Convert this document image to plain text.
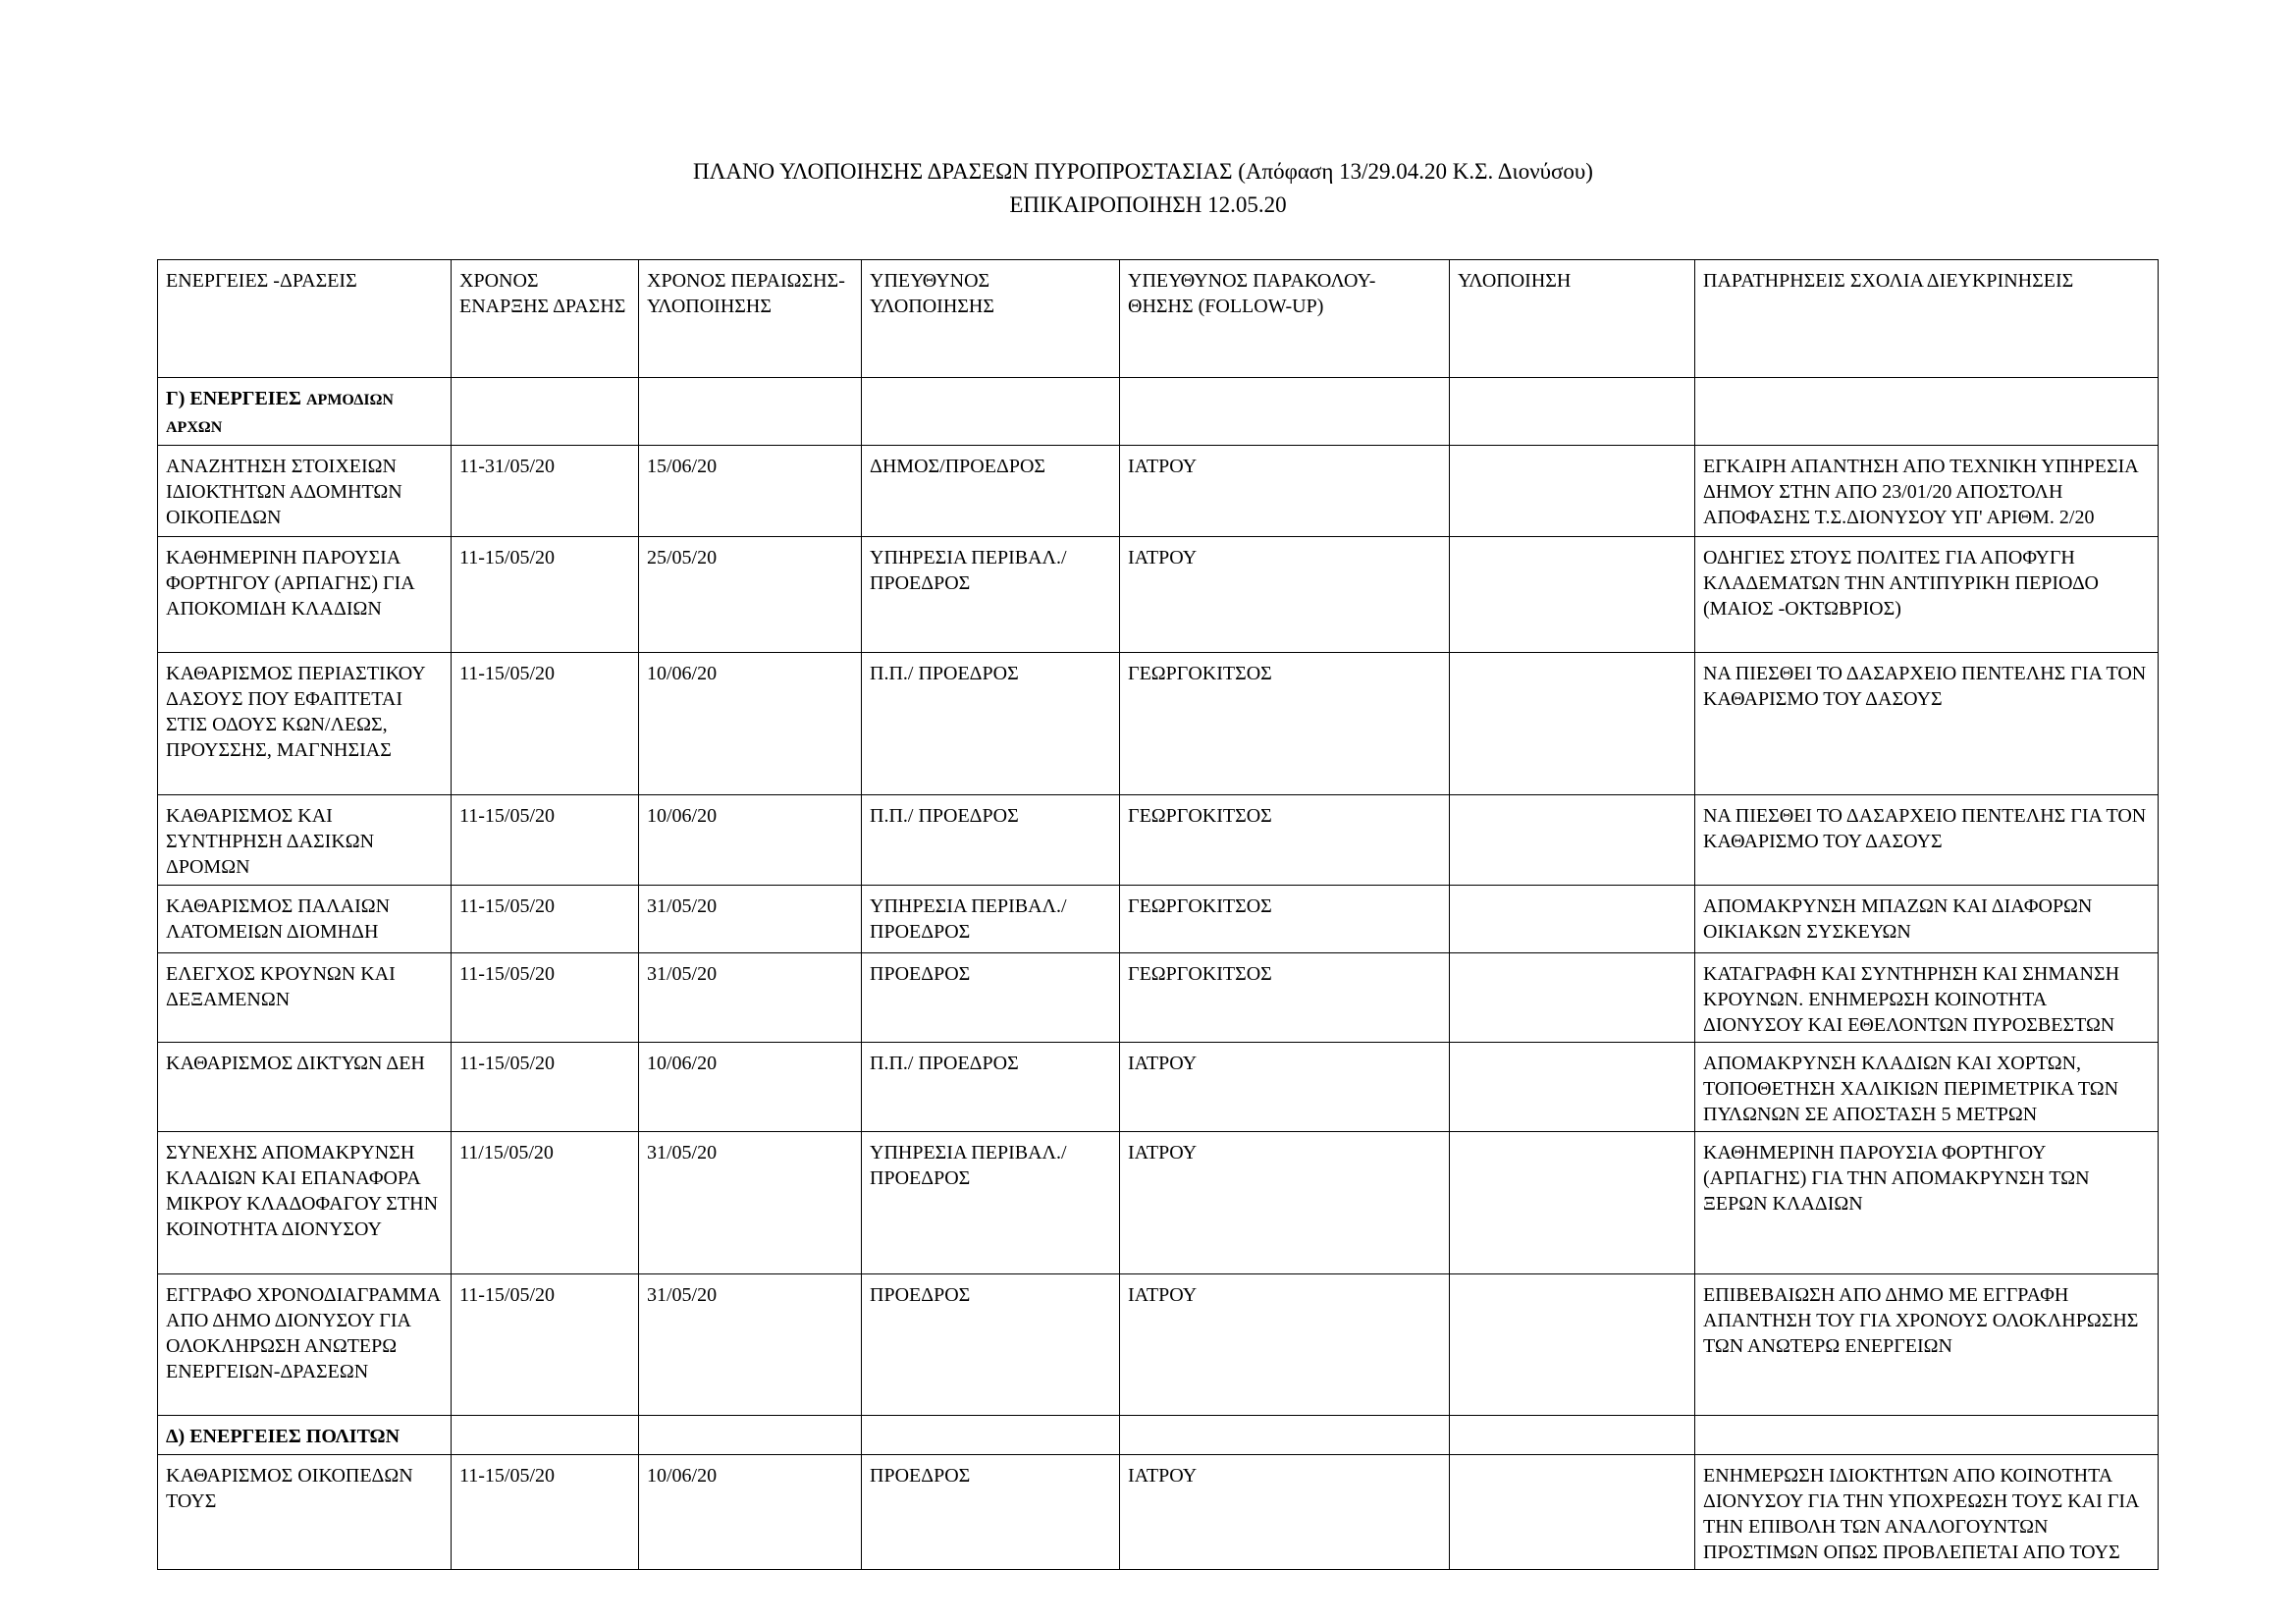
ΠΛΑΝΟ ΥΛΟΠΟΙΗΣΗΣ ΔΡΑΣΕΩΝ ΠΥΡΟΠΡΟΣΤΑΣΙΑΣ (Απόφαση 13/29.04.20 Κ.Σ. Διονύσου)
ΕΠΙΚΑΙΡΟΠΟΙΗΣΗ 12.05.20
ΕΝΕΡΓΕΙΕΣ -ΔΡΑΣΕΙΣ	ΧΡΟΝΟΣ ΕΝΑΡΞΗΣ ΔΡΑΣΗΣ	ΧΡΟΝΟΣ ΠΕΡΑΙΩΣΗΣ-ΥΛΟΠΟΙΗΣΗΣ	ΥΠΕΥΘΥΝΟΣ ΥΛΟΠΟΙΗΣΗΣ	ΥΠΕΥΘΥΝΟΣ ΠΑΡΑΚΟΛΟΥ-ΘΗΣΗΣ (FOLLOW-UP)	ΥΛΟΠΟΙΗΣΗ	ΠΑΡΑΤΗΡΗΣΕΙΣ ΣΧΟΛΙΑ ΔΙΕΥΚΡΙΝΗΣΕΙΣ
Γ) ΕΝΕΡΓΕΙΕΣ ΑΡΜΟΔΙΩΝ ΑΡΧΩΝ						
ΑΝΑΖΗΤΗΣΗ ΣΤΟΙΧΕΙΩΝ ΙΔΙΟΚΤΗΤΩΝ ΑΔΟΜΗΤΩΝ ΟΙΚΟΠΕΔΩΝ	11-31/05/20	15/06/20	ΔΗΜΟΣ/ΠΡΟΕΔΡΟΣ	ΙΑΤΡΟΥ		ΕΓΚΑΙΡΗ ΑΠΑΝΤΗΣΗ ΑΠΟ ΤΕΧΝΙΚΗ ΥΠΗΡΕΣΙΑ ΔΗΜΟΥ ΣΤΗΝ ΑΠΟ 23/01/20 ΑΠΟΣΤΟΛΗ ΑΠΟΦΑΣΗΣ Τ.Σ.ΔΙΟΝΥΣΟΥ ΥΠ' ΑΡΙΘΜ. 2/20
ΚΑΘΗΜΕΡΙΝΗ ΠΑΡΟΥΣΙΑ ΦΟΡΤΗΓΟΥ (ΑΡΠΑΓΗΣ) ΓΙΑ ΑΠΟΚΟΜΙΔΗ ΚΛΑΔΙΩΝ	11-15/05/20	25/05/20	ΥΠΗΡΕΣΙΑ ΠΕΡΙΒΑΛ./ ΠΡΟΕΔΡΟΣ	ΙΑΤΡΟΥ		ΟΔΗΓΙΕΣ ΣΤΟΥΣ ΠΟΛΙΤΕΣ ΓΙΑ ΑΠΟΦΥΓΗ ΚΛΑΔΕΜΑΤΩΝ ΤΗΝ ΑΝΤΙΠΥΡΙΚΗ ΠΕΡΙΟΔΟ (ΜΑΙΟΣ -ΟΚΤΩΒΡΙΟΣ)
ΚΑΘΑΡΙΣΜΟΣ ΠΕΡΙΑΣΤΙΚΟΥ ΔΑΣΟΥΣ ΠΟΥ ΕΦΑΠΤΕΤΑΙ ΣΤΙΣ ΟΔΟΥΣ ΚΩΝ/ΛΕΩΣ, ΠΡΟΥΣΣΗΣ, ΜΑΓΝΗΣΙΑΣ	11-15/05/20	10/06/20	Π.Π./ ΠΡΟΕΔΡΟΣ	ΓΕΩΡΓΟΚΙΤΣΟΣ		ΝΑ ΠΙΕΣΘΕΙ ΤΟ ΔΑΣΑΡΧΕΙΟ ΠΕΝΤΕΛΗΣ ΓΙΑ ΤΟΝ ΚΑΘΑΡΙΣΜΟ ΤΟΥ ΔΑΣΟΥΣ
ΚΑΘΑΡΙΣΜΟΣ ΚΑΙ ΣΥΝΤΗΡΗΣΗ ΔΑΣΙΚΩΝ ΔΡΟΜΩΝ	11-15/05/20	10/06/20	Π.Π./ ΠΡΟΕΔΡΟΣ	ΓΕΩΡΓΟΚΙΤΣΟΣ		ΝΑ ΠΙΕΣΘΕΙ ΤΟ ΔΑΣΑΡΧΕΙΟ ΠΕΝΤΕΛΗΣ ΓΙΑ ΤΟΝ ΚΑΘΑΡΙΣΜΟ ΤΟΥ ΔΑΣΟΥΣ
ΚΑΘΑΡΙΣΜΟΣ ΠΑΛΑΙΩΝ ΛΑΤΟΜΕΙΩΝ ΔΙΟΜΗΔΗ	11-15/05/20	31/05/20	ΥΠΗΡΕΣΙΑ ΠΕΡΙΒΑΛ./ ΠΡΟΕΔΡΟΣ	ΓΕΩΡΓΟΚΙΤΣΟΣ		ΑΠΟΜΑΚΡΥΝΣΗ ΜΠΑΖΩΝ ΚΑΙ ΔΙΑΦΟΡΩΝ ΟΙΚΙΑΚΩΝ ΣΥΣΚΕΥΩΝ
ΕΛΕΓΧΟΣ ΚΡΟΥΝΩΝ ΚΑΙ ΔΕΞΑΜΕΝΩΝ	11-15/05/20	31/05/20	ΠΡΟΕΔΡΟΣ	ΓΕΩΡΓΟΚΙΤΣΟΣ		ΚΑΤΑΓΡΑΦΗ ΚΑΙ ΣΥΝΤΗΡΗΣΗ ΚΑΙ ΣΗΜΑΝΣΗ ΚΡΟΥΝΩΝ. ΕΝΗΜΕΡΩΣΗ ΚΟΙΝΟΤΗΤΑ ΔΙΟΝΥΣΟΥ ΚΑΙ ΕΘΕΛΟΝΤΩΝ ΠΥΡΟΣΒΕΣΤΩΝ
ΚΑΘΑΡΙΣΜΟΣ ΔΙΚΤΥΩΝ ΔΕΗ	11-15/05/20	10/06/20	Π.Π./ ΠΡΟΕΔΡΟΣ	ΙΑΤΡΟΥ		ΑΠΟΜΑΚΡΥΝΣΗ ΚΛΑΔΙΩΝ ΚΑΙ ΧΟΡΤΩΝ, ΤΟΠΟΘΕΤΗΣΗ ΧΑΛΙΚΙΩΝ ΠΕΡΙΜΕΤΡΙΚΑ ΤΩΝ ΠΥΛΩΝΩΝ ΣΕ ΑΠΟΣΤΑΣΗ 5 ΜΕΤΡΩΝ
ΣΥΝΕΧΗΣ ΑΠΟΜΑΚΡΥΝΣΗ ΚΛΑΔΙΩΝ ΚΑΙ ΕΠΑΝΑΦΟΡΑ ΜΙΚΡΟΥ ΚΛΑΔΟΦΑΓΟΥ ΣΤΗΝ ΚΟΙΝΟΤΗΤΑ ΔΙΟΝΥΣΟΥ	11/15/05/20	31/05/20	ΥΠΗΡΕΣΙΑ ΠΕΡΙΒΑΛ./ ΠΡΟΕΔΡΟΣ	ΙΑΤΡΟΥ		ΚΑΘΗΜΕΡΙΝΗ ΠΑΡΟΥΣΙΑ ΦΟΡΤΗΓΟΥ (ΑΡΠΑΓΗΣ) ΓΙΑ ΤΗΝ ΑΠΟΜΑΚΡΥΝΣΗ ΤΩΝ ΞΕΡΩΝ ΚΛΑΔΙΩΝ
ΕΓΓΡΑΦΟ ΧΡΟΝΟΔΙΑΓΡΑΜΜΑ ΑΠΟ ΔΗΜΟ ΔΙΟΝΥΣΟΥ ΓΙΑ ΟΛΟΚΛΗΡΩΣΗ ΑΝΩΤΕΡΩ ΕΝΕΡΓΕΙΩΝ-ΔΡΑΣΕΩΝ	11-15/05/20	31/05/20	ΠΡΟΕΔΡΟΣ	ΙΑΤΡΟΥ		ΕΠΙΒΕΒΑΙΩΣΗ ΑΠΟ ΔΗΜΟ ΜΕ ΕΓΓΡΑΦΗ ΑΠΑΝΤΗΣΗ ΤΟΥ ΓΙΑ ΧΡΟΝΟΥΣ ΟΛΟΚΛΗΡΩΣΗΣ ΤΩΝ ΑΝΩΤΕΡΩ ΕΝΕΡΓΕΙΩΝ
Δ) ΕΝΕΡΓΕΙΕΣ ΠΟΛΙΤΩΝ						
ΚΑΘΑΡΙΣΜΟΣ ΟΙΚΟΠΕΔΩΝ ΤΟΥΣ	11-15/05/20	10/06/20	ΠΡΟΕΔΡΟΣ	ΙΑΤΡΟΥ		ΕΝΗΜΕΡΩΣΗ ΙΔΙΟΚΤΗΤΩΝ ΑΠΟ ΚΟΙΝΟΤΗΤΑ ΔΙΟΝΥΣΟΥ ΓΙΑ ΤΗΝ ΥΠΟΧΡΕΩΣΗ ΤΟΥΣ ΚΑΙ ΓΙΑ ΤΗΝ ΕΠΙΒΟΛΗ ΤΩΝ ΑΝΑΛΟΓΟΥΝΤΩΝ ΠΡΟΣΤΙΜΩΝ ΟΠΩΣ ΠΡΟΒΛΕΠΕΤΑΙ ΑΠΟ ΤΟΥΣ
